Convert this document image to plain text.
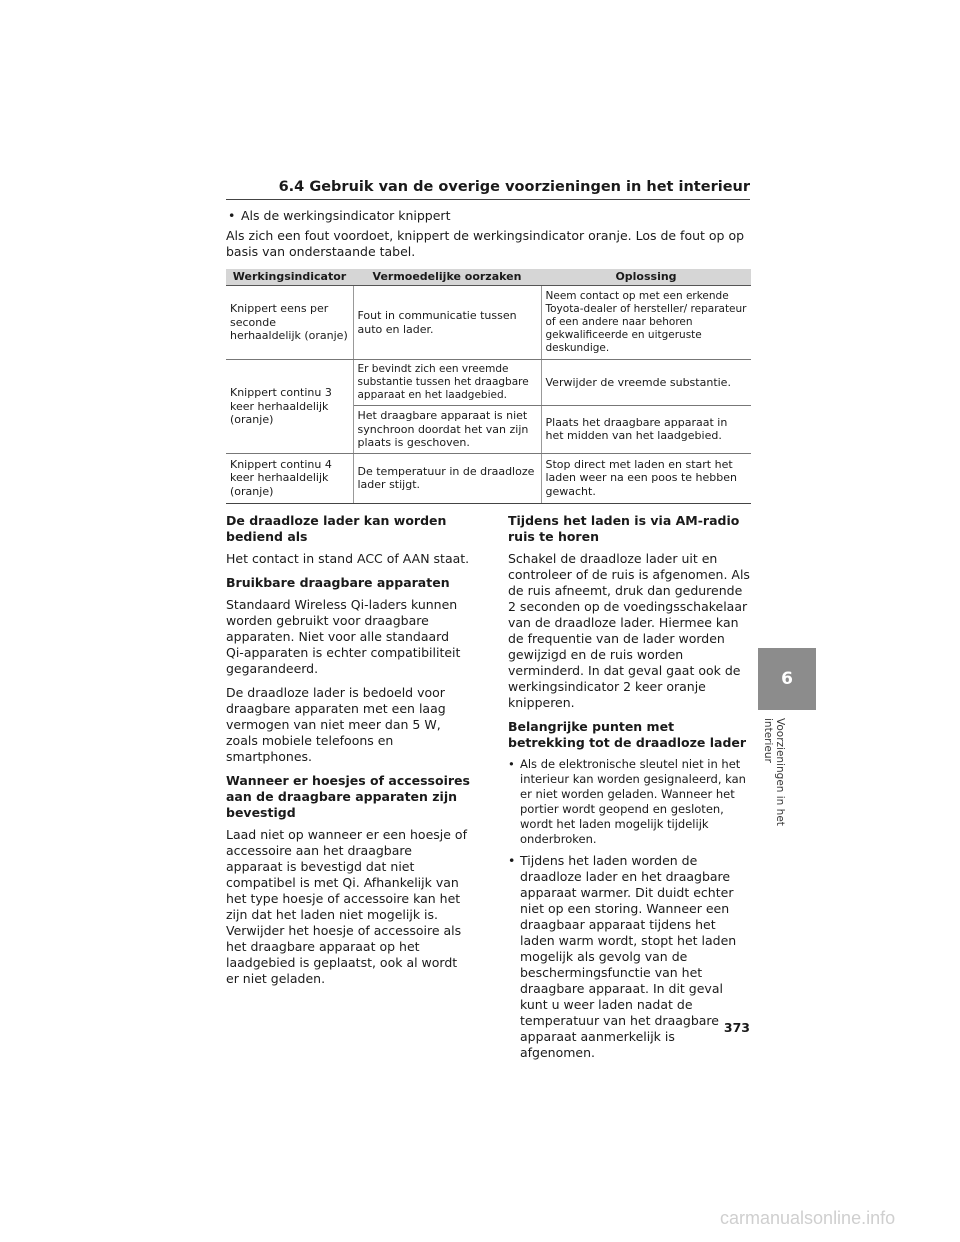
6.4 Gebruik van de overige voorzieningen in het interieur
• Als de werkingsindicator knippert

Als zich een fout voordoet, knippert de werkingsindicator oranje. Los de fout op op basis van onderstaande tabel.

Werkingsindicator	Vermoedelijke oorzaken	Oplossing
Knippert eens per seconde herhaaldelijk (oranje)	Fout in communicatie tussen auto en lader.	Neem contact op met een erkende Toyota-dealer of hersteller/ reparateur of een andere naar behoren gekwalificeerde en uitgeruste deskundige.
Knippert continu 3 keer herhaaldelijk (oranje)	Er bevindt zich een vreemde substantie tussen het draagbare apparaat en het laadgebied.	Verwijder de vreemde substantie.
	Het draagbare apparaat is niet synchroon doordat het van zijn plaats is geschoven.	Plaats het draagbare apparaat in het midden van het laadgebied.
Knippert continu 4 keer herhaaldelijk (oranje)	De temperatuur in de draadloze lader stijgt.	Stop direct met laden en start het laden weer na een poos te hebben gewacht.
De draadloze lader kan worden bediend als

Het contact in stand ACC of AAN staat.

Bruikbare draagbare apparaten

Standaard Wireless Qi-laders kunnen worden gebruikt voor draagbare apparaten. Niet voor alle standaard Qi-apparaten is echter compatibiliteit gegarandeerd.

De draadloze lader is bedoeld voor draagbare apparaten met een laag vermogen van niet meer dan 5 W, zoals mobiele telefoons en smartphones.

Wanneer er hoesjes of accessoires aan de draagbare apparaten zijn bevestigd

Laad niet op wanneer er een hoesje of accessoire aan het draagbare apparaat is bevestigd dat niet compatibel is met Qi. Afhankelijk van het type hoesje of accessoire kan het zijn dat het laden niet mogelijk is. Verwijder het hoesje of accessoire als het draagbare apparaat op het laadgebied is geplaatst, ook al wordt er niet geladen.

Tijdens het laden is via AM-radio ruis te horen

Schakel de draadloze lader uit en controleer of de ruis is afgenomen. Als de ruis afneemt, druk dan gedurende 2 seconden op de voedingsschakelaar van de draadloze lader. Hiermee kan de frequentie van de lader worden gewijzigd en de ruis worden verminderd. In dat geval gaat ook de werkingsindicator 2 keer oranje knipperen.

Belangrijke punten met betrekking tot de draadloze lader
• Als de elektronische sleutel niet in het interieur kan worden gesignaleerd, kan er niet worden geladen. Wanneer het portier wordt geopend en gesloten, wordt het laden mogelijk tijdelijk onderbroken.
• Tijdens het laden worden de draadloze lader en het draagbare apparaat warmer. Dit duidt echter niet op een storing. Wanneer een draagbaar apparaat tijdens het laden warm wordt, stopt het laden mogelijk als gevolg van de beschermingsfunctie van het draagbare apparaat. In dit geval kunt u weer laden nadat de temperatuur van het draagbare apparaat aanmerkelijk is afgenomen.
6
Voorzieningen in het interieur
373
carmanualsonline.info
